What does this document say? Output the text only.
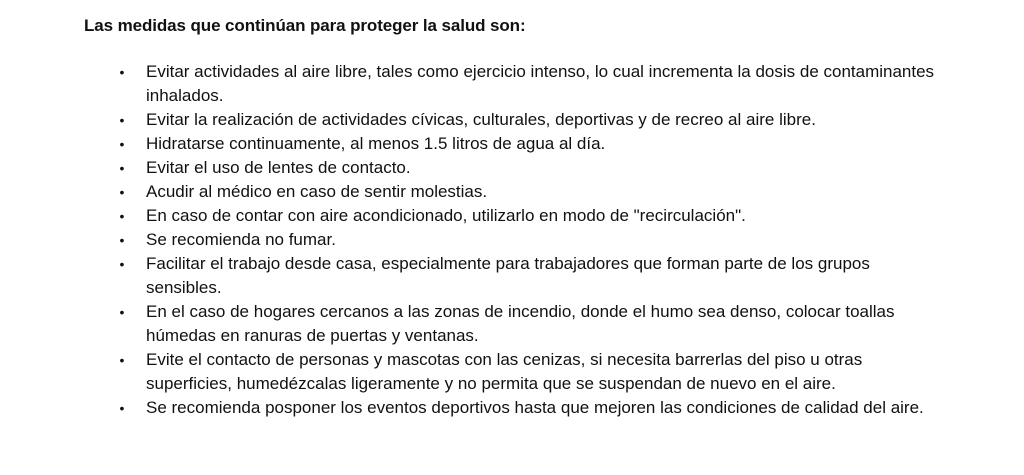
Las medidas que continúan para proteger la salud son:
• Evitar actividades al aire libre, tales como ejercicio intenso, lo cual incrementa la dosis de contaminantes inhalados.
• Evitar la realización de actividades cívicas, culturales, deportivas y de recreo al aire libre.
• Hidratarse continuamente, al menos 1.5 litros de agua al día.
• Evitar el uso de lentes de contacto.
• Acudir al médico en caso de sentir molestias.
• En caso de contar con aire acondicionado, utilizarlo en modo de "recirculación".
• Se recomienda no fumar.
• Facilitar el trabajo desde casa, especialmente para trabajadores que forman parte de los grupos sensibles.
• En el caso de hogares cercanos a las zonas de incendio, donde el humo sea denso, colocar toallas húmedas en ranuras de puertas y ventanas.
• Evite el contacto de personas y mascotas con las cenizas, si necesita barrerlas del piso u otras superficies, humedézcalas ligeramente y no permita que se suspendan de nuevo en el aire.
• Se recomienda posponer los eventos deportivos hasta que mejoren las condiciones de calidad del aire.
